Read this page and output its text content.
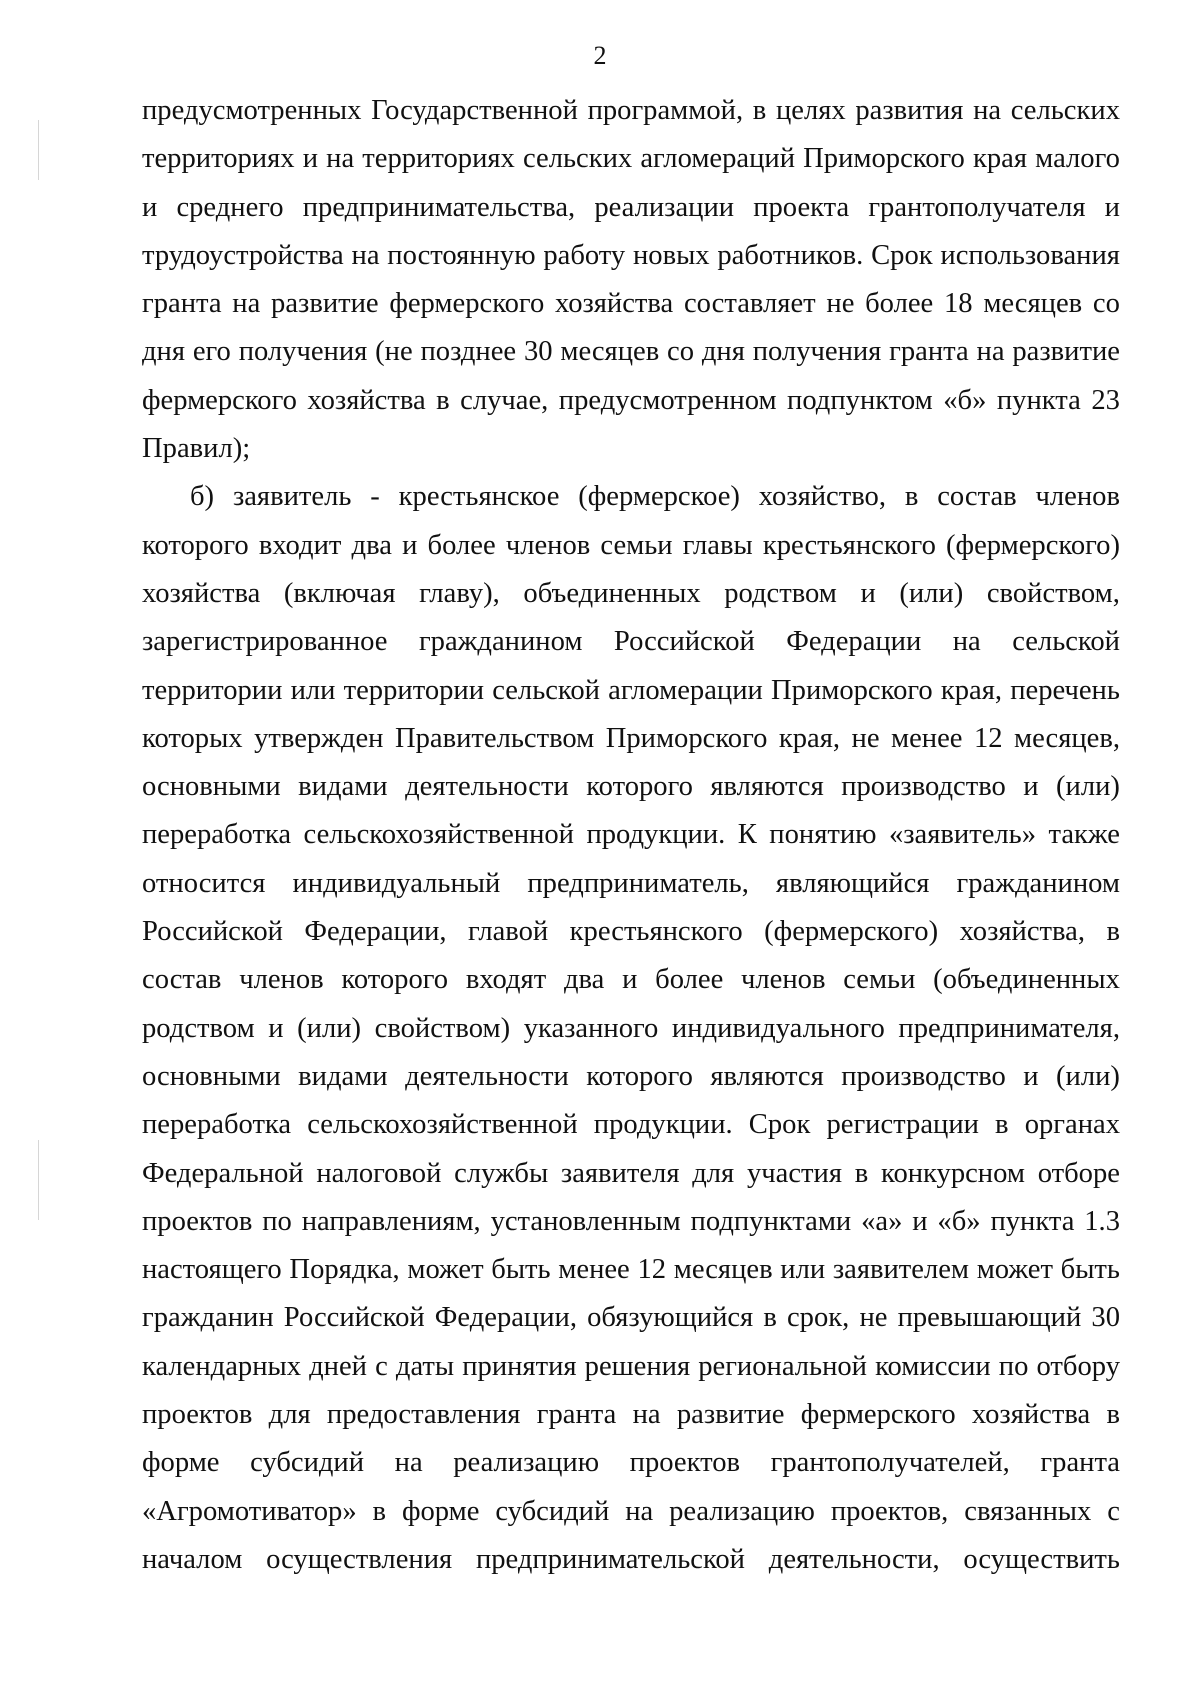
2
предусмотренных Государственной программой, в целях развития на сельских
территориях и на территориях сельских агломераций Приморского края малого
и среднего предпринимательства, реализации проекта грантополучателя и
трудоустройства на постоянную работу новых работников. Срок использования
гранта на развитие фермерского хозяйства составляет не более 18 месяцев со
дня его получения (не позднее 30 месяцев со дня получения гранта на развитие
фермерского хозяйства в случае, предусмотренном подпунктом «б» пункта 23
Правил);
б) заявитель - крестьянское (фермерское) хозяйство, в состав членов
которого входит два и более членов семьи главы крестьянского (фермерского)
хозяйства (включая главу), объединенных родством и (или) свойством,
зарегистрированное гражданином Российской Федерации на сельской
территории или территории сельской агломерации Приморского края, перечень
которых утвержден Правительством Приморского края, не менее 12 месяцев,
основными видами деятельности которого являются производство и (или)
переработка сельскохозяйственной продукции. К понятию «заявитель» также
относится индивидуальный предприниматель, являющийся гражданином
Российской Федерации, главой крестьянского (фермерского) хозяйства, в
состав членов которого входят два и более членов семьи (объединенных
родством и (или) свойством) указанного индивидуального предпринимателя,
основными видами деятельности которого являются производство и (или)
переработка сельскохозяйственной продукции. Срок регистрации в органах
Федеральной налоговой службы заявителя для участия в конкурсном отборе
проектов по направлениям, установленным подпунктами «а» и «б» пункта 1.3
настоящего Порядка, может быть менее 12 месяцев или заявителем может быть
гражданин Российской Федерации, обязующийся в срок, не превышающий 30
календарных дней с даты принятия решения региональной комиссии по отбору
проектов для предоставления гранта на развитие фермерского хозяйства в
форме субсидий на реализацию проектов грантополучателей, гранта
«Агромотиватор» в форме субсидий на реализацию проектов, связанных с
началом осуществления предпринимательской деятельности, осуществить
